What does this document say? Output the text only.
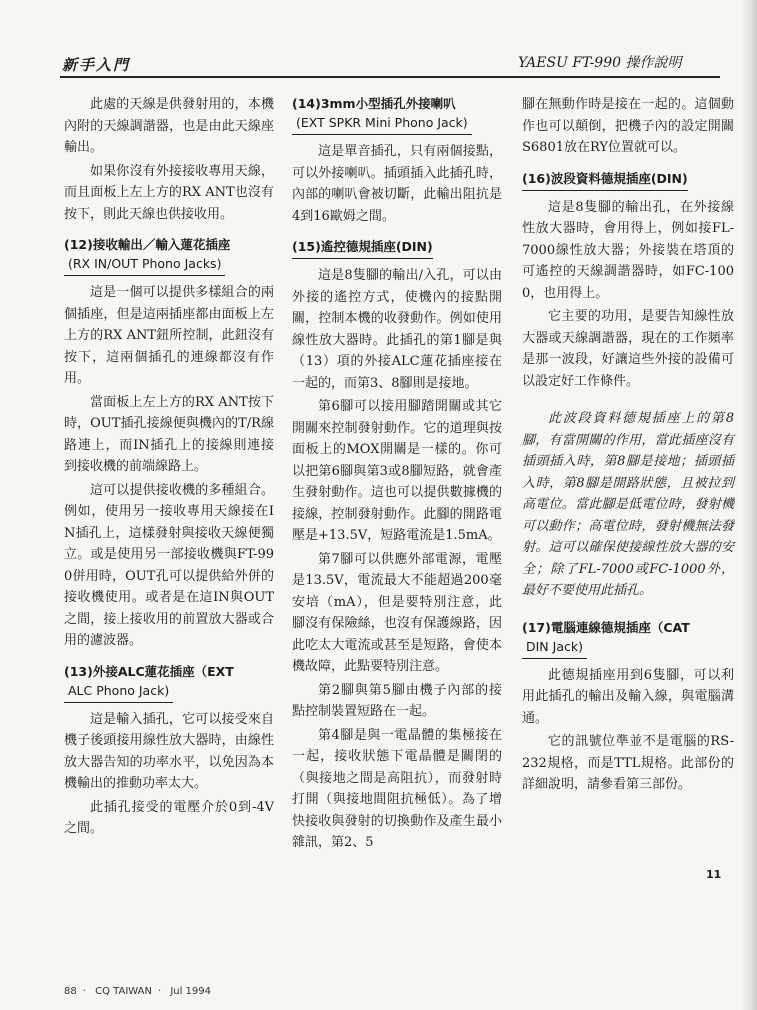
新手入門	YAESU FT-990 操作說明

此處的天線是供發射用的，本機內附的天線調諧器，也是由此天線座輸出。

如果你沒有外接接收專用天線，而且面板上左上方的RX ANT也沒有按下，則此天線也供接收用。

(12)接收輸出／輸入蓮花插座
(RX IN/OUT Phono Jacks)

這是一個可以提供多樣組合的兩個插座，但是這兩插座都由面板上左上方的RX ANT鈕所控制，此鈕沒有按下，這兩個插孔的連線都沒有作用。

當面板上左上方的RX ANT按下時，OUT插孔接線便與機內的T/R線路連上，而IN插孔上的接線則連接到接收機的前端線路上。

這可以提供接收機的多種組合。例如，使用另一接收專用天線接在IN插孔上，這樣發射與接收天線便獨立。或是使用另一部接收機與FT-990併用時，OUT孔可以提供給外併的接收機使用。或者是在這IN與OUT之間，接上接收用的前置放大器或合用的濾波器。

(13)外接ALC蓮花插座（EXT
ALC Phono Jack)

這是輸入插孔，它可以接受來自機子後頭接用線性放大器時，由線性放大器告知的功率水平，以免因為本機輸出的推動功率太大。

此插孔接受的電壓介於0到-4V之間。

(14)3mm小型插孔外接喇叭
(EXT SPKR Mini Phono Jack)

這是單音插孔，只有兩個接點，可以外接喇叭。插頭插入此插孔時，內部的喇叭會被切斷，此輸出阻抗是4到16歐姆之間。

(15)遙控德規插座(DIN)

這是8隻腳的輸出/入孔，可以由外接的遙控方式，使機內的接點開關，控制本機的收發動作。例如使用線性放大器時。此插孔的第1腳是與（13）項的外接ALC蓮花插座接在一起的，而第3、8腳則是接地。

第6腳可以接用腳踏開關或其它開關來控制發射動作。它的道理與按面板上的MOX開關是一樣的。你可以把第6腳與第3或8腳短路，就會產生發射動作。這也可以提供數據機的接線，控制發射動作。此腳的開路電壓是+13.5V，短路電流是1.5mA。

第7腳可以供應外部電源，電壓是13.5V，電流最大不能超過200毫安培（mA），但是要特別注意，此腳沒有保險絲，也沒有保護線路，因此吃太大電流或甚至是短路，會使本機故障，此點要特別注意。

第2腳與第5腳由機子內部的接點控制裝置短路在一起。

第4腳是與一電晶體的集極接在一起，接收狀態下電晶體是關閉的（與接地之間是高阻抗），而發射時打開（與接地間阻抗極低）。為了增快接收與發射的切換動作及產生最小雜訊，第2、5

腳在無動作時是接在一起的。這個動作也可以顛倒，把機子內的設定開關S6801放在RY位置就可以。

(16)波段資料德規插座(DIN)

這是8隻腳的輸出孔，在外接線性放大器時，會用得上，例如接FL-7000線性放大器；外接裝在塔頂的可遙控的天線調諧器時，如FC-1000，也用得上。

它主要的功用，是要告知線性放大器或天線調諧器，現在的工作頻率是那一波段，好讓這些外接的設備可以設定好工作條件。

此波段資料德規插座上的第8腳，有當開關的作用，當此插座沒有插頭插入時，第8腳是接地；插頭插入時，第8腳是開路狀態，且被拉到高電位。當此腳是低電位時，發射機可以動作；高電位時，發射機無法發射。這可以確保使接線性放大器的安全；除了FL-7000或FC-1000外，最好不要使用此插孔。

(17)電腦連線德規插座（CAT
DIN Jack)

此德規插座用到6隻腳，可以利用此插孔的輸出及輸入線，與電腦溝通。

它的訊號位準並不是電腦的RS-232規格，而是TTL規格。此部份的詳細說明，請參看第三部份。

11
88 · CQ TAIWAN · Jul 1994
